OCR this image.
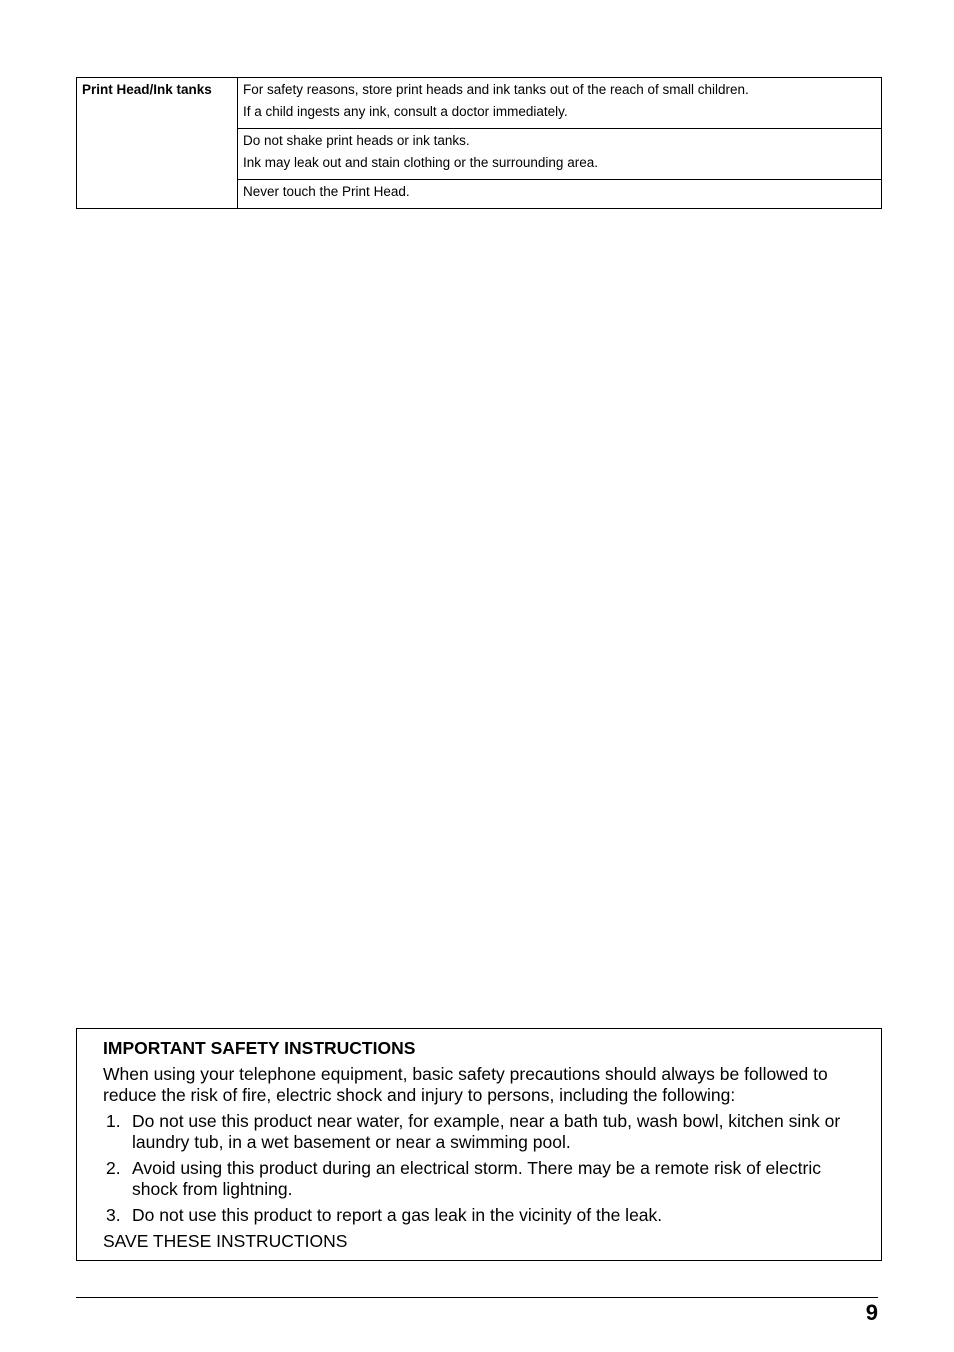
Print Head/Ink tanks	For safety reasons, store print heads and ink tanks out of the reach of small children.
If a child ingests any ink, consult a doctor immediately.

Do not shake print heads or ink tanks.
Ink may leak out and stain clothing or the surrounding area.

Never touch the Print Head.

IMPORTANT SAFETY INSTRUCTIONS

When using your telephone equipment, basic safety precautions should always be followed to reduce the risk of fire, electric shock and injury to persons, including the following:

1. Do not use this product near water, for example, near a bath tub, wash bowl, kitchen sink or laundry tub, in a wet basement or near a swimming pool.
2. Avoid using this product during an electrical storm. There may be a remote risk of electric shock from lightning.
3. Do not use this product to report a gas leak in the vicinity of the leak.

SAVE THESE INSTRUCTIONS

9
